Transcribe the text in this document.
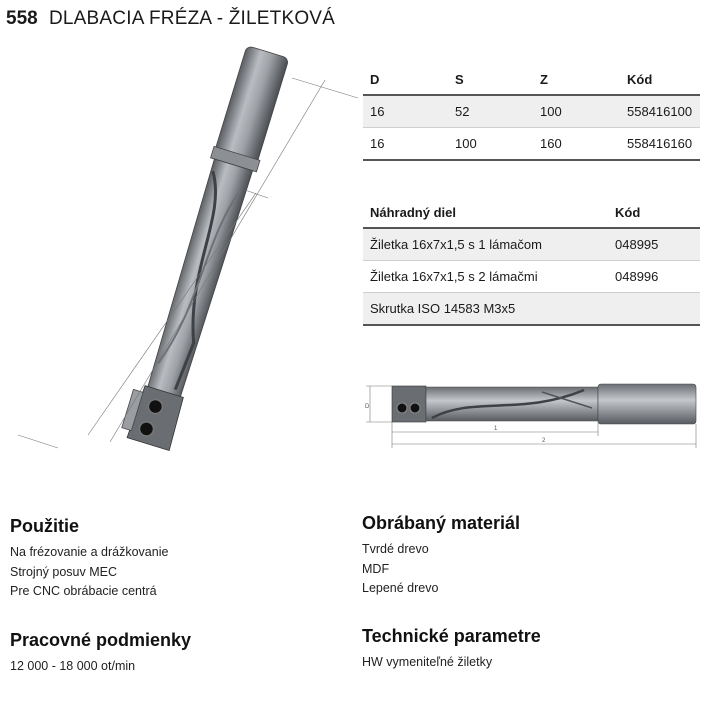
558 DLABACIA FRÉZA - ŽILETKOVÁ
D	S	Z	Kód
16	52	100	558416100
16	100	160	558416160
Náhradný diel	Kód
Žiletka 16x7x1,5 s 1 lámačom	048995
Žiletka 16x7x1,5 s 2 lámačmi	048996
Skrutka ISO 14583 M3x5	
D
1
2
Použitie
Na frézovanie a drážkovanie
Strojný posuv MEC
Pre CNC obrábacie centrá
Pracovné podmienky
12 000 - 18 000 ot/min
Obrábaný materiál
Tvrdé drevo
MDF
Lepené drevo
Technické parametre
HW vymeniteľné žiletky
